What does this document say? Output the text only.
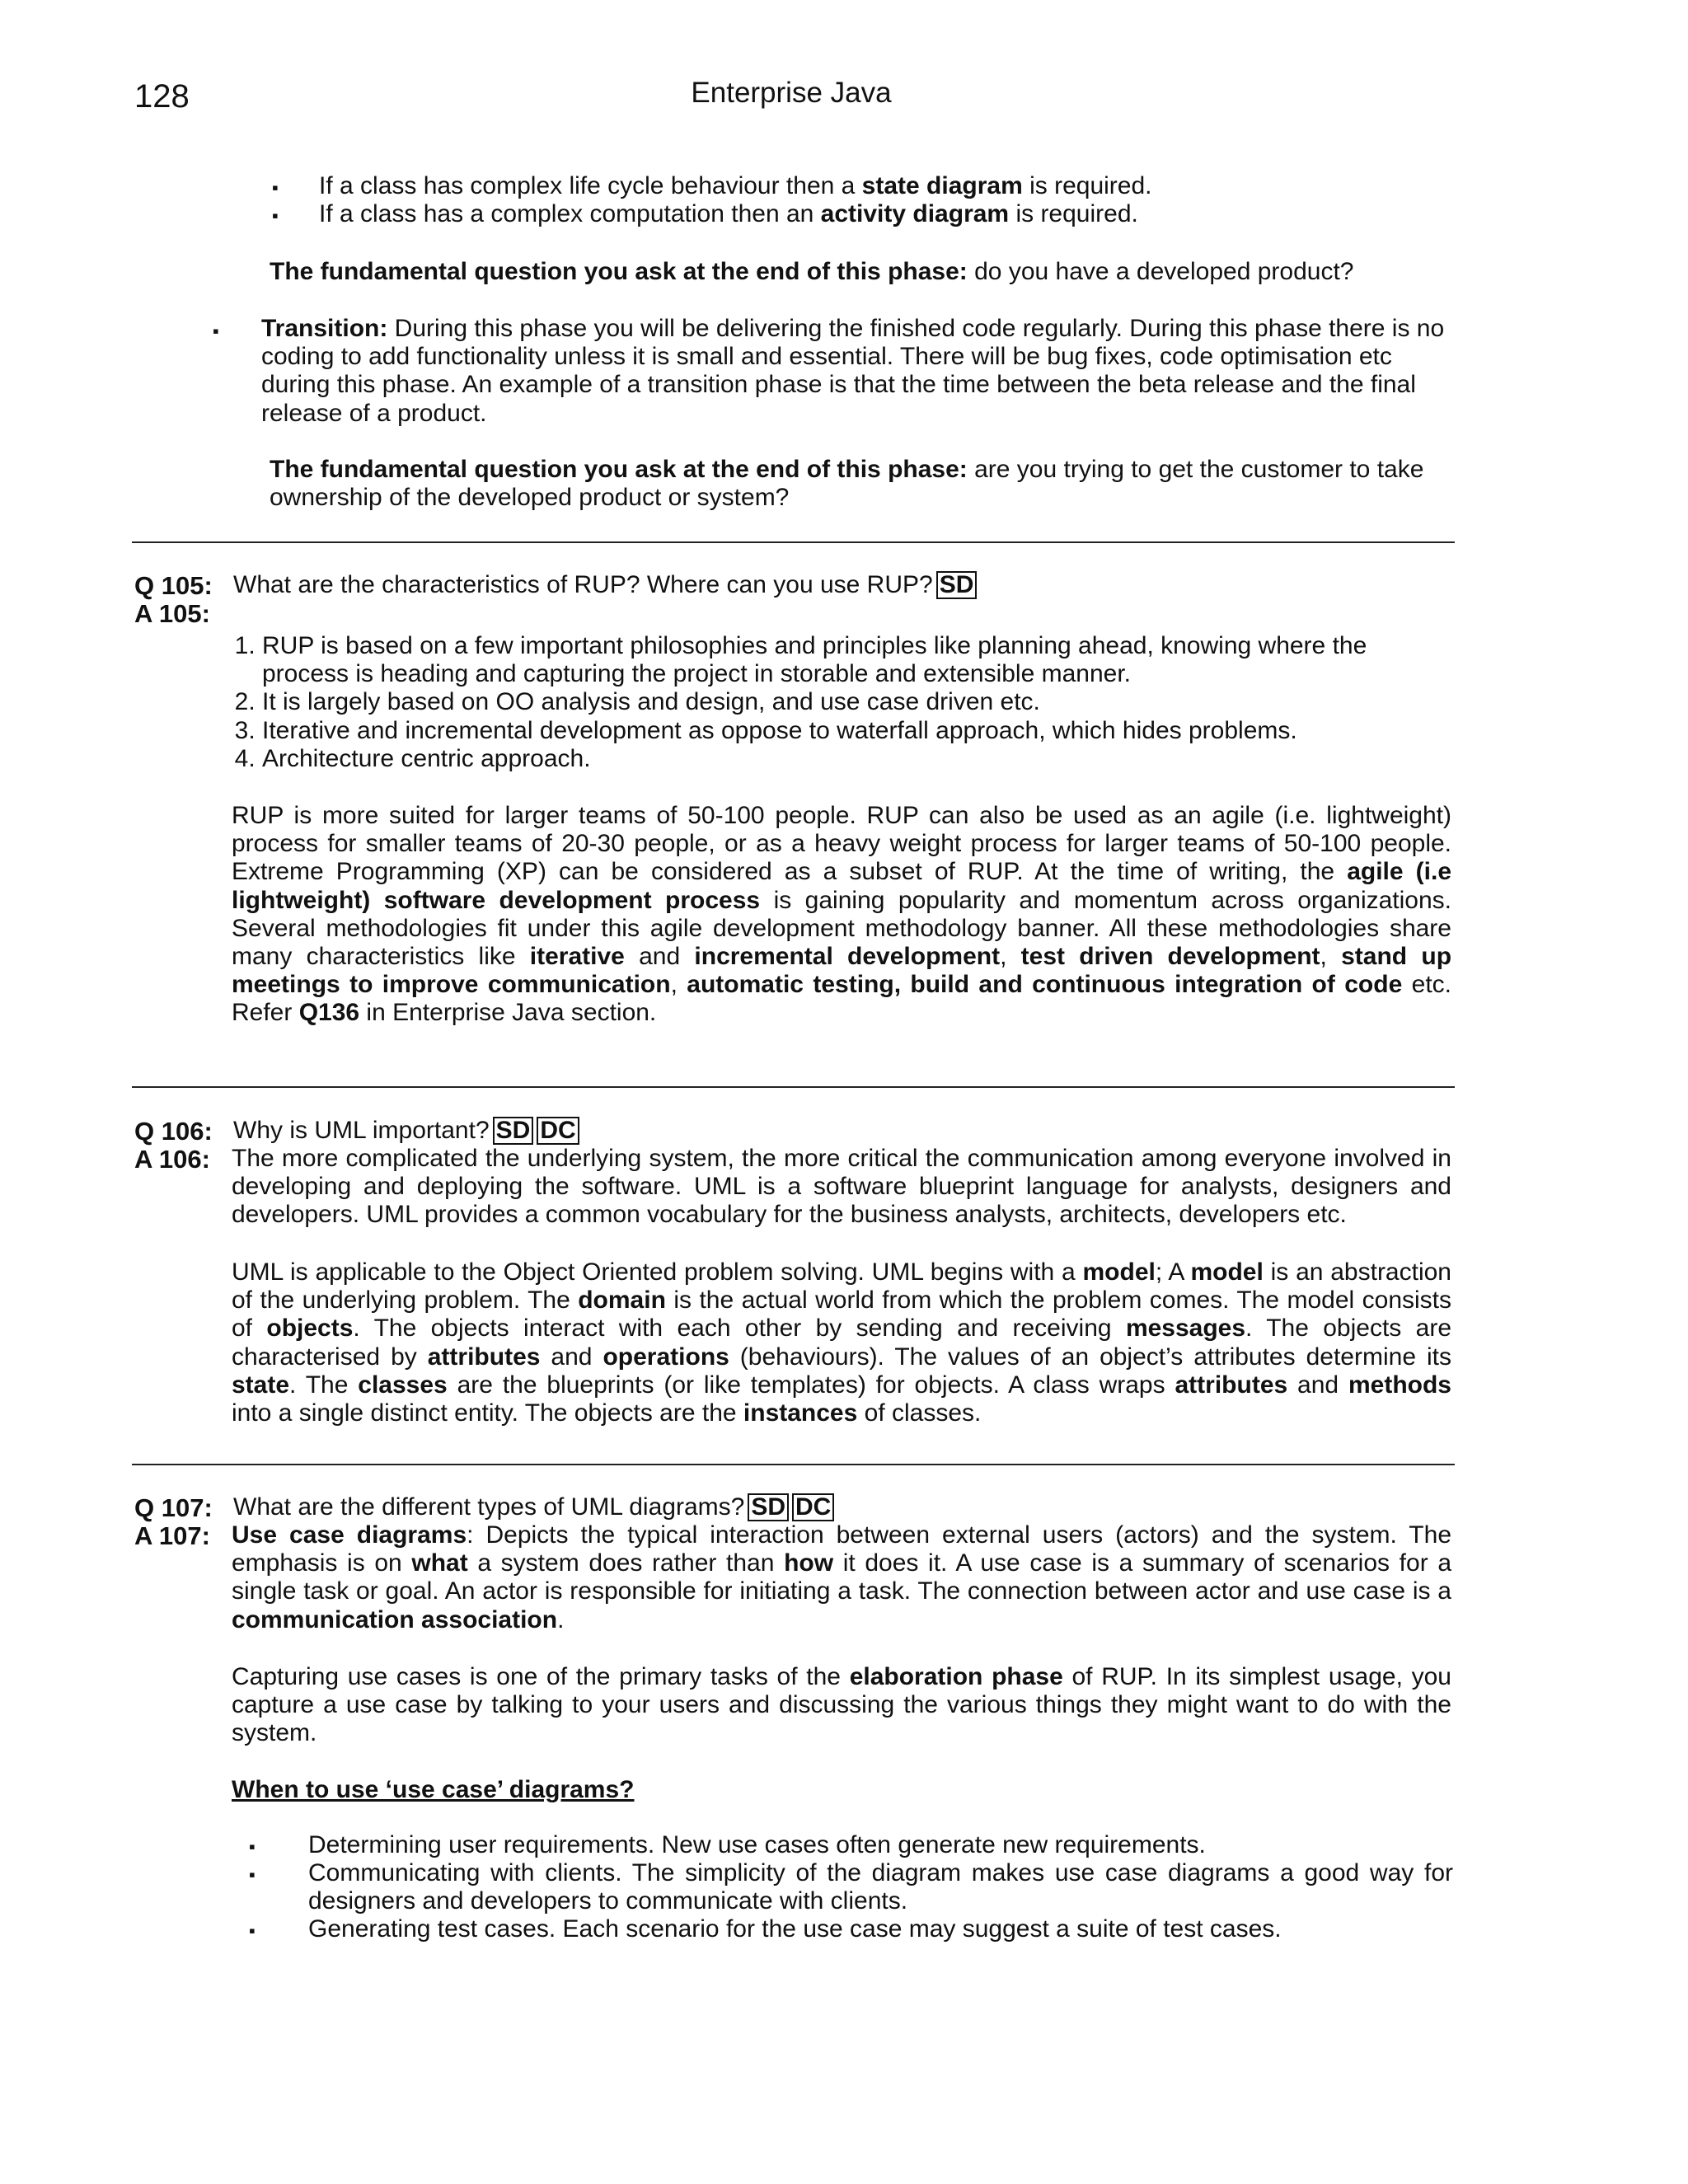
128	Enterprise Java
▪ If a class has complex life cycle behaviour then a state diagram is required.
▪ If a class has a complex computation then an activity diagram is required.
The fundamental question you ask at the end of this phase: do you have a developed product?
▪ Transition: During this phase you will be delivering the finished code regularly. During this phase there is no coding to add functionality unless it is small and essential. There will be bug fixes, code optimisation etc during this phase. An example of a transition phase is that the time between the beta release and the final release of a product.
The fundamental question you ask at the end of this phase: are you trying to get the customer to take ownership of the developed product or system?
Q 105:
A 105:
What are the characteristics of RUP? Where can you use RUP? SD
1. RUP is based on a few important philosophies and principles like planning ahead, knowing where the process is heading and capturing the project in storable and extensible manner.
2. It is largely based on OO analysis and design, and use case driven etc.
3. Iterative and incremental development as oppose to waterfall approach, which hides problems.
4. Architecture centric approach.
RUP is more suited for larger teams of 50-100 people. RUP can also be used as an agile (i.e. lightweight) process for smaller teams of 20-30 people, or as a heavy weight process for larger teams of 50-100 people. Extreme Programming (XP) can be considered as a subset of RUP. At the time of writing, the agile (i.e lightweight) software development process is gaining popularity and momentum across organizations. Several methodologies fit under this agile development methodology banner. All these methodologies share many characteristics like iterative and incremental development, test driven development, stand up meetings to improve communication, automatic testing, build and continuous integration of code etc. Refer Q136 in Enterprise Java section.
Q 106:
A 106:
Why is UML important? SD DC
The more complicated the underlying system, the more critical the communication among everyone involved in developing and deploying the software. UML is a software blueprint language for analysts, designers and developers. UML provides a common vocabulary for the business analysts, architects, developers etc.
UML is applicable to the Object Oriented problem solving. UML begins with a model; A model is an abstraction of the underlying problem. The domain is the actual world from which the problem comes. The model consists of objects. The objects interact with each other by sending and receiving messages. The objects are characterised by attributes and operations (behaviours). The values of an object’s attributes determine its state. The classes are the blueprints (or like templates) for objects. A class wraps attributes and methods into a single distinct entity. The objects are the instances of classes.
Q 107:
A 107:
What are the different types of UML diagrams? SD DC
Use case diagrams: Depicts the typical interaction between external users (actors) and the system. The emphasis is on what a system does rather than how it does it. A use case is a summary of scenarios for a single task or goal. An actor is responsible for initiating a task. The connection between actor and use case is a communication association.
Capturing use cases is one of the primary tasks of the elaboration phase of RUP. In its simplest usage, you capture a use case by talking to your users and discussing the various things they might want to do with the system.
When to use ‘use case’ diagrams?
▪ Determining user requirements. New use cases often generate new requirements.
▪ Communicating with clients. The simplicity of the diagram makes use case diagrams a good way for designers and developers to communicate with clients.
▪ Generating test cases. Each scenario for the use case may suggest a suite of test cases.
